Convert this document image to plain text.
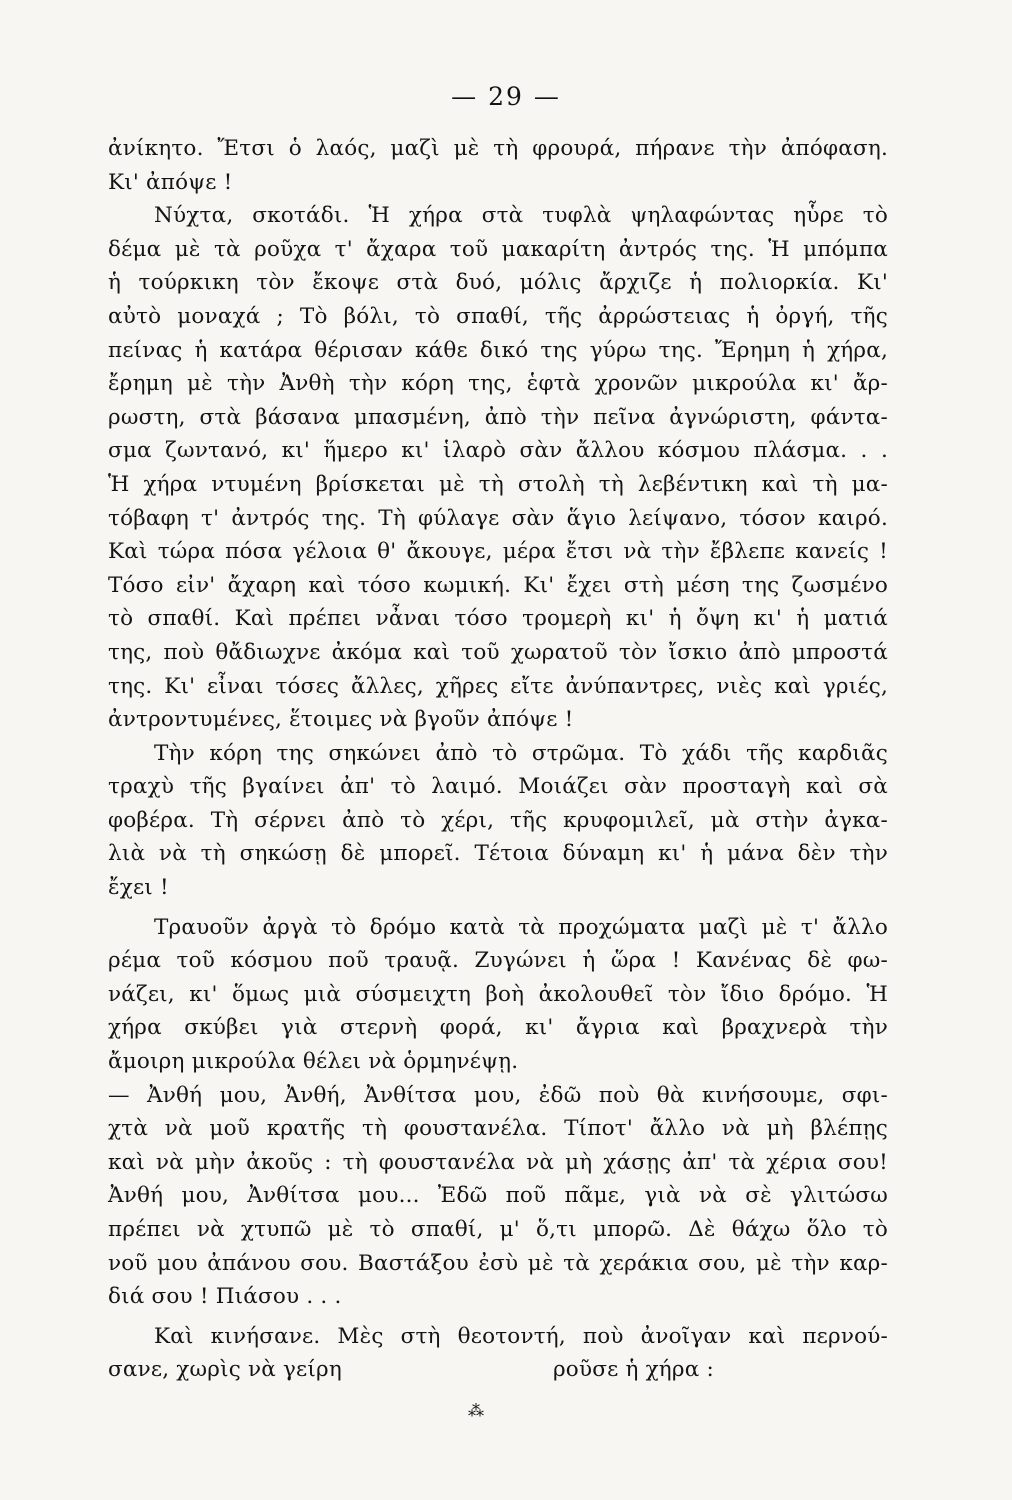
— 29 —
ἀνίκητο. Ἔτσι ὁ λαός, μαζὶ μὲ τὴ φρουρά, πήρανε τὴν ἀπόφαση.
Κι' ἀπόψε !
Νύχτα, σκοτάδι. Ἡ χήρα στὰ τυφλὰ ψηλαφώντας ηὗρε τὸ
δέμα μὲ τὰ ροῦχα τ' ἄχαρα τοῦ μακαρίτη ἀντρός της. Ἡ μπόμπα
ἡ τούρκικη τὸν ἔκοψε στὰ δυό, μόλις ἄρχιζε ἡ πολιορκία. Κι'
αὐτὸ μοναχά ; Τὸ βόλι, τὸ σπαθί, τῆς ἀρρώστειας ἡ ὀργή, τῆς
πείνας ἡ κατάρα θέρισαν κάθε δικό της γύρω της. Ἔρημη ἡ χήρα,
ἔρημη μὲ τὴν Ἀνθὴ τὴν κόρη της, ἑφτὰ χρονῶν μικρούλα κι' ἄρ-
ρωστη, στὰ βάσανα μπασμένη, ἀπὸ τὴν πεῖνα ἀγνώριστη, φάντα-
σμα ζωντανό, κι' ἥμερο κι' ἱλαρὸ σὰν ἄλλου κόσμου πλάσμα. . .
Ἡ χήρα ντυμένη βρίσκεται μὲ τὴ στολὴ τὴ λεβέντικη καὶ τὴ μα-
τόβαφη τ' ἀντρός της. Τὴ φύλαγε σὰν ἅγιο λείψανο, τόσον καιρό.
Καὶ τώρα πόσα γέλοια θ' ἄκουγε, μέρα ἔτσι νὰ τὴν ἔβλεπε κανείς !
Τόσο εἰν' ἄχαρη καὶ τόσο κωμική. Κι' ἔχει στὴ μέση της ζωσμένο
τὸ σπαθί. Καὶ πρέπει νἆναι τόσο τρομερὴ κι' ἡ ὄψη κι' ἡ ματιά
της, ποὺ θἄδιωχνε ἀκόμα καὶ τοῦ χωρατοῦ τὸν ἴσκιο ἀπὸ μπροστά
της. Κι' εἶναι τόσες ἄλλες, χῆρες εἴτε ἀνύπαντρες, νιὲς καὶ γριές,
ἀντροντυμένες, ἕτοιμες νὰ βγοῦν ἀπόψε !
Τὴν κόρη της σηκώνει ἀπὸ τὸ στρῶμα. Τὸ χάδι τῆς καρδιᾶς
τραχὺ τῆς βγαίνει ἀπ' τὸ λαιμό. Μοιάζει σὰν προσταγὴ καὶ σὰ
φοβέρα. Τὴ σέρνει ἀπὸ τὸ χέρι, τῆς κρυφομιλεῖ, μὰ στὴν ἀγκα-
λιὰ νὰ τὴ σηκώσῃ δὲ μπορεῖ. Τέτοια δύναμη κι' ἡ μάνα δὲν τὴν
ἔχει !
Τραυοῦν ἀργὰ τὸ δρόμο κατὰ τὰ προχώματα μαζὶ μὲ τ' ἄλλο
ρέμα τοῦ κόσμου ποῦ τραυᾷ. Ζυγώνει ἡ ὥρα ! Κανένας δὲ φω-
νάζει, κι' ὅμως μιὰ σύσμειχτη βοὴ ἀκολουθεῖ τὸν ἴδιο δρόμο. Ἡ
χήρα σκύβει γιὰ στερνὴ φορά, κι' ἄγρια καὶ βραχνερὰ τὴν
ἄμοιρη μικρούλα θέλει νὰ ὁρμηνέψῃ.
— Ἀνθή μου, Ἀνθή, Ἀνθίτσα μου, ἐδῶ ποὺ θὰ κινήσουμε, σφι-
χτὰ νὰ μοῦ κρατῆς τὴ φουστανέλα. Τίποτ' ἄλλο νὰ μὴ βλέπῃς
καὶ νὰ μὴν ἀκοῦς : τὴ φουστανέλα νὰ μὴ χάσῃς ἀπ' τὰ χέρια σου!
Ἀνθή μου, Ἀνθίτσα μου... Ἐδῶ ποῦ πᾶμε, γιὰ νὰ σὲ γλιτώσω
πρέπει νὰ χτυπῶ μὲ τὸ σπαθί, μ' ὅ,τι μπορῶ. Δὲ θάχω ὅλο τὸ
νοῦ μου ἀπάνου σου. Βαστάξου ἐσὺ μὲ τὰ χεράκια σου, μὲ τὴν καρ-
διά σου ! Πιάσου . . .
Καὶ κινήσανε. Μὲς στὴ θεοτοντή, ποὺ ἀνοῖγαν καὶ περνού-
σανε, χωρὶς νὰ γείρη                              ροῦσε ἡ χήρα :
⁂
